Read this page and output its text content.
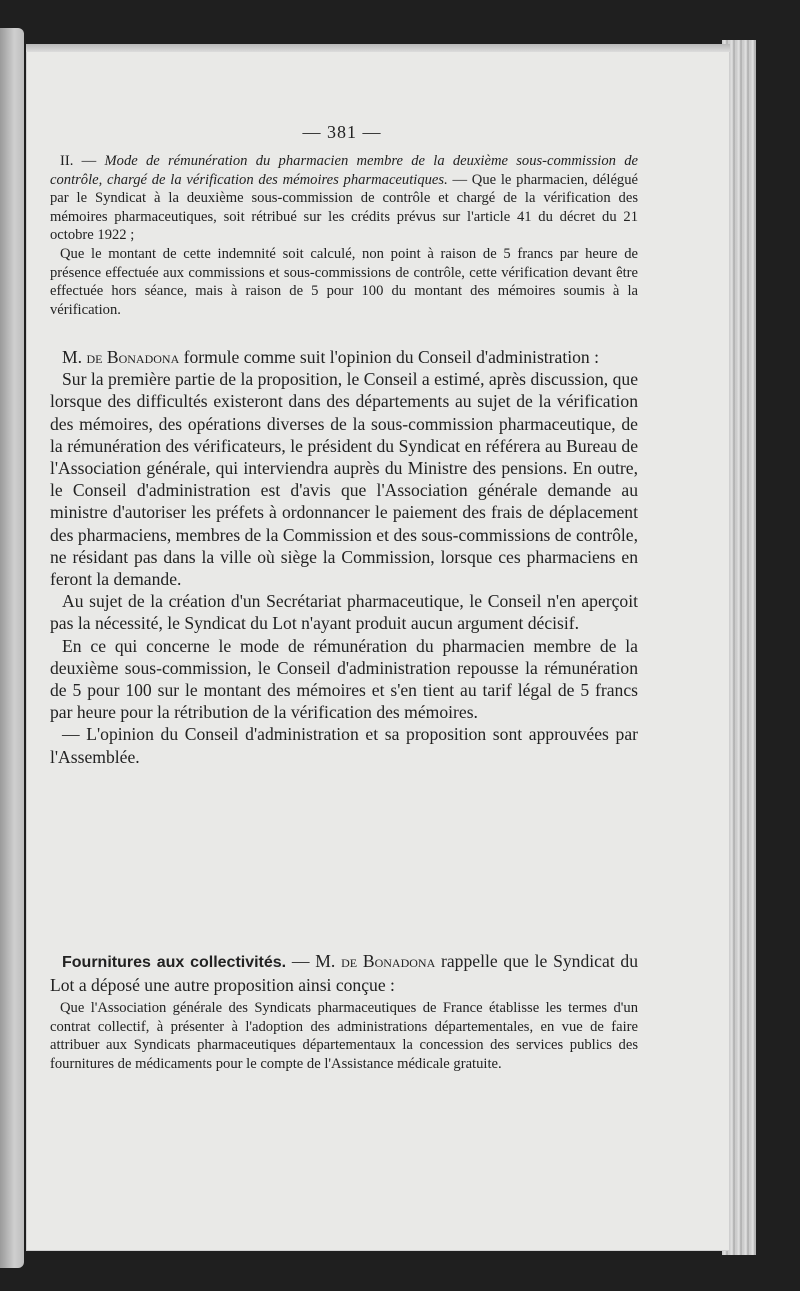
— 381 —

II. — Mode de rémunération du pharmacien membre de la deuxième sous-commission de contrôle, chargé de la vérification des mémoires pharmaceutiques. — Que le pharmacien, délégué par le Syndicat à la deuxième sous-commission de contrôle et chargé de la vérification des mémoires pharmaceutiques, soit rétribué sur les crédits prévus sur l'article 41 du décret du 21 octobre 1922 ;

Que le montant de cette indemnité soit calculé, non point à raison de 5 francs par heure de présence effectuée aux commissions et sous-commissions de contrôle, cette vérification devant être effectuée hors séance, mais à raison de 5 pour 100 du montant des mémoires soumis à la vérification.

M. de Bonadona formule comme suit l'opinion du Conseil d'administration :

Sur la première partie de la proposition, le Conseil a estimé, après discussion, que lorsque des difficultés existeront dans des départements au sujet de la vérification des mémoires, des opérations diverses de la sous-commission pharmaceutique, de la rémunération des vérificateurs, le président du Syndicat en référera au Bureau de l'Association générale, qui interviendra auprès du Ministre des pensions. En outre, le Conseil d'administration est d'avis que l'Association générale demande au ministre d'autoriser les préfets à ordonnancer le paiement des frais de déplacement des pharmaciens, membres de la Commission et des sous-commissions de contrôle, ne résidant pas dans la ville où siège la Commission, lorsque ces pharmaciens en feront la demande.

Au sujet de la création d'un Secrétariat pharmaceutique, le Conseil n'en aperçoit pas la nécessité, le Syndicat du Lot n'ayant produit aucun argument décisif.

En ce qui concerne le mode de rémunération du pharmacien membre de la deuxième sous-commission, le Conseil d'administration repousse la rémunération de 5 pour 100 sur le montant des mémoires et s'en tient au tarif légal de 5 francs par heure pour la rétribution de la vérification des mémoires.

— L'opinion du Conseil d'administration et sa proposition sont approuvées par l'Assemblée.

Fournitures aux collectivités. — M. de Bonadona rappelle que le Syndicat du Lot a déposé une autre proposition ainsi conçue :

Que l'Association générale des Syndicats pharmaceutiques de France établisse les termes d'un contrat collectif, à présenter à l'adoption des administrations départementales, en vue de faire attribuer aux Syndicats pharmaceutiques départementaux la concession des services publics des fournitures de médicaments pour le compte de l'Assistance médicale gratuite.
